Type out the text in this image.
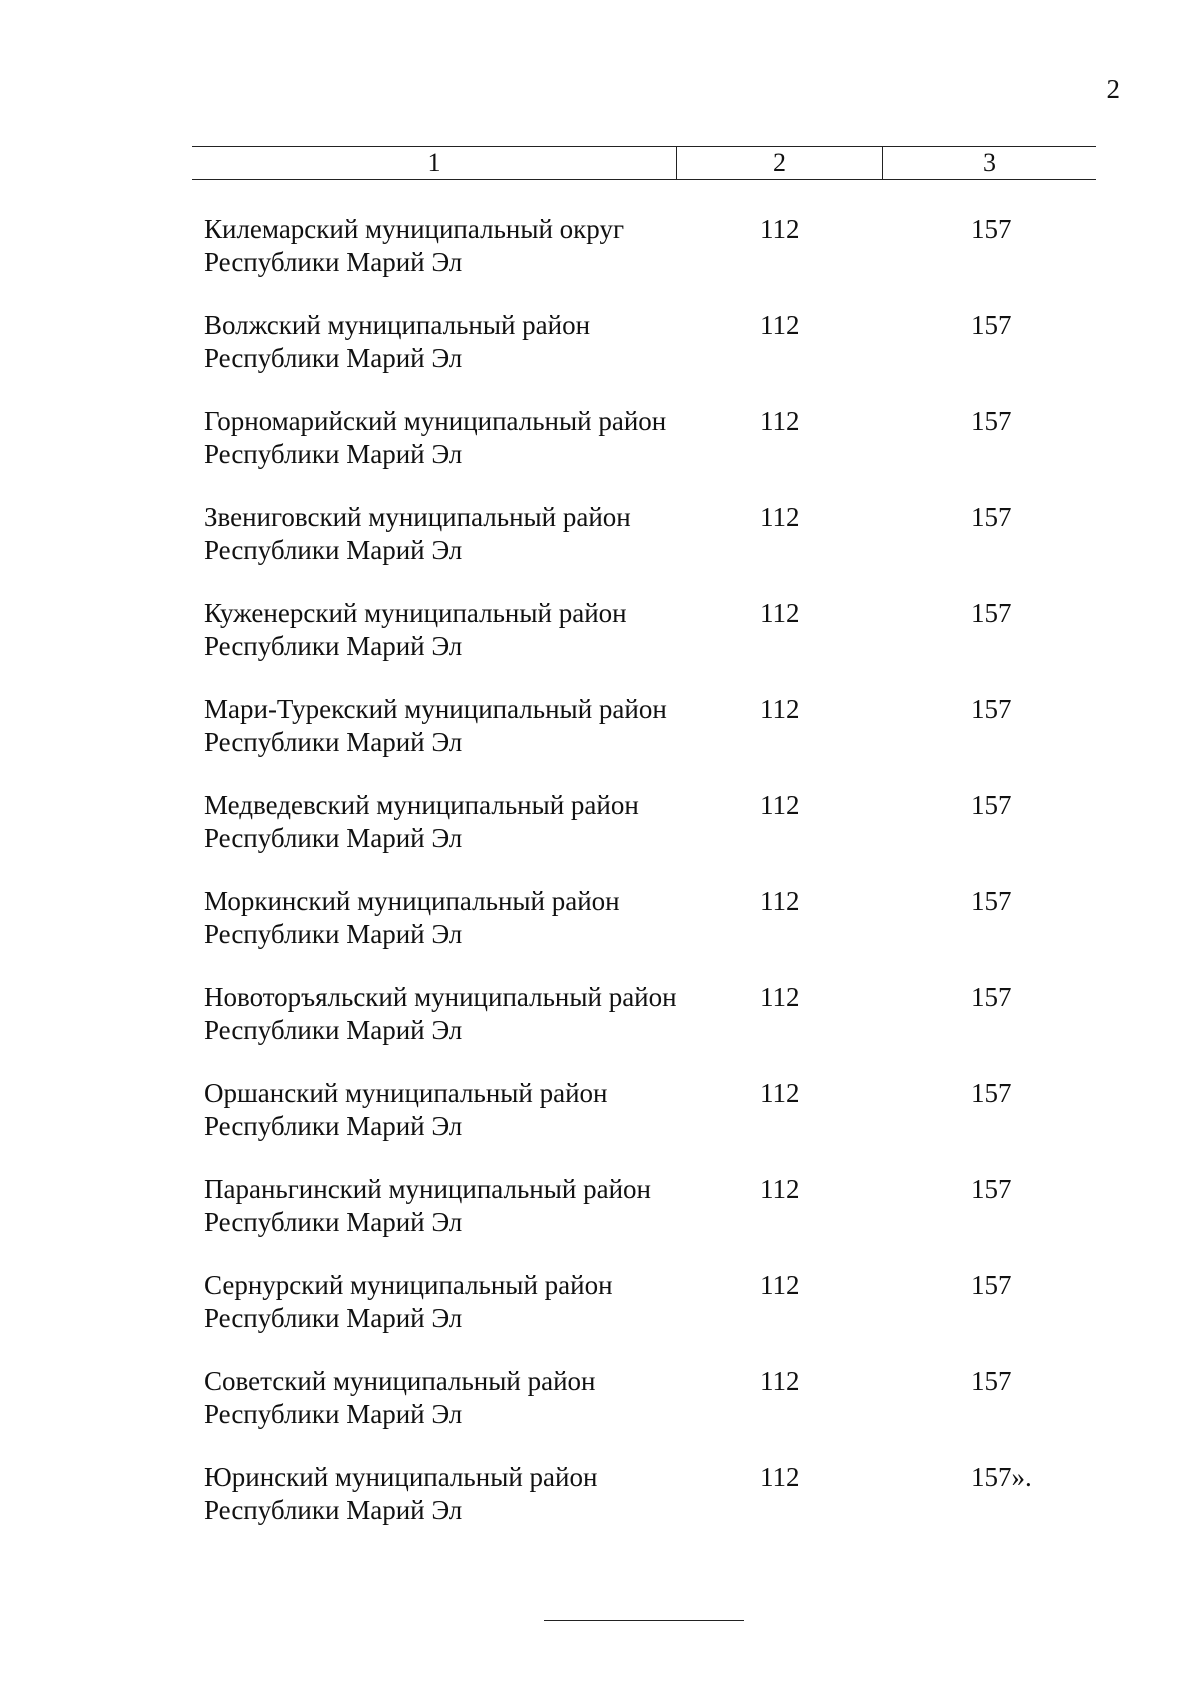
2
1	2	3
Килемарский муниципальный округ Республики Марий Эл
112	157
Волжский муниципальный район Республики Марий Эл
112	157
Горномарийский муниципальный район Республики Марий Эл
112	157
Звениговский муниципальный район Республики Марий Эл
112	157
Куженерский муниципальный район Республики Марий Эл
112	157
Мари-Турекский муниципальный район Республики Марий Эл
112	157
Медведевский муниципальный район Республики Марий Эл
112	157
Моркинский муниципальный район Республики Марий Эл
112	157
Новоторъяльский муниципальный район Республики Марий Эл
112	157
Оршанский муниципальный район Республики Марий Эл
112	157
Параньгинский муниципальный район Республики Марий Эл
112	157
Сернурский муниципальный район Республики Марий Эл
112	157
Советский муниципальный район Республики Марий Эл
112	157
Юринский муниципальный район Республики Марий Эл
112	157».
